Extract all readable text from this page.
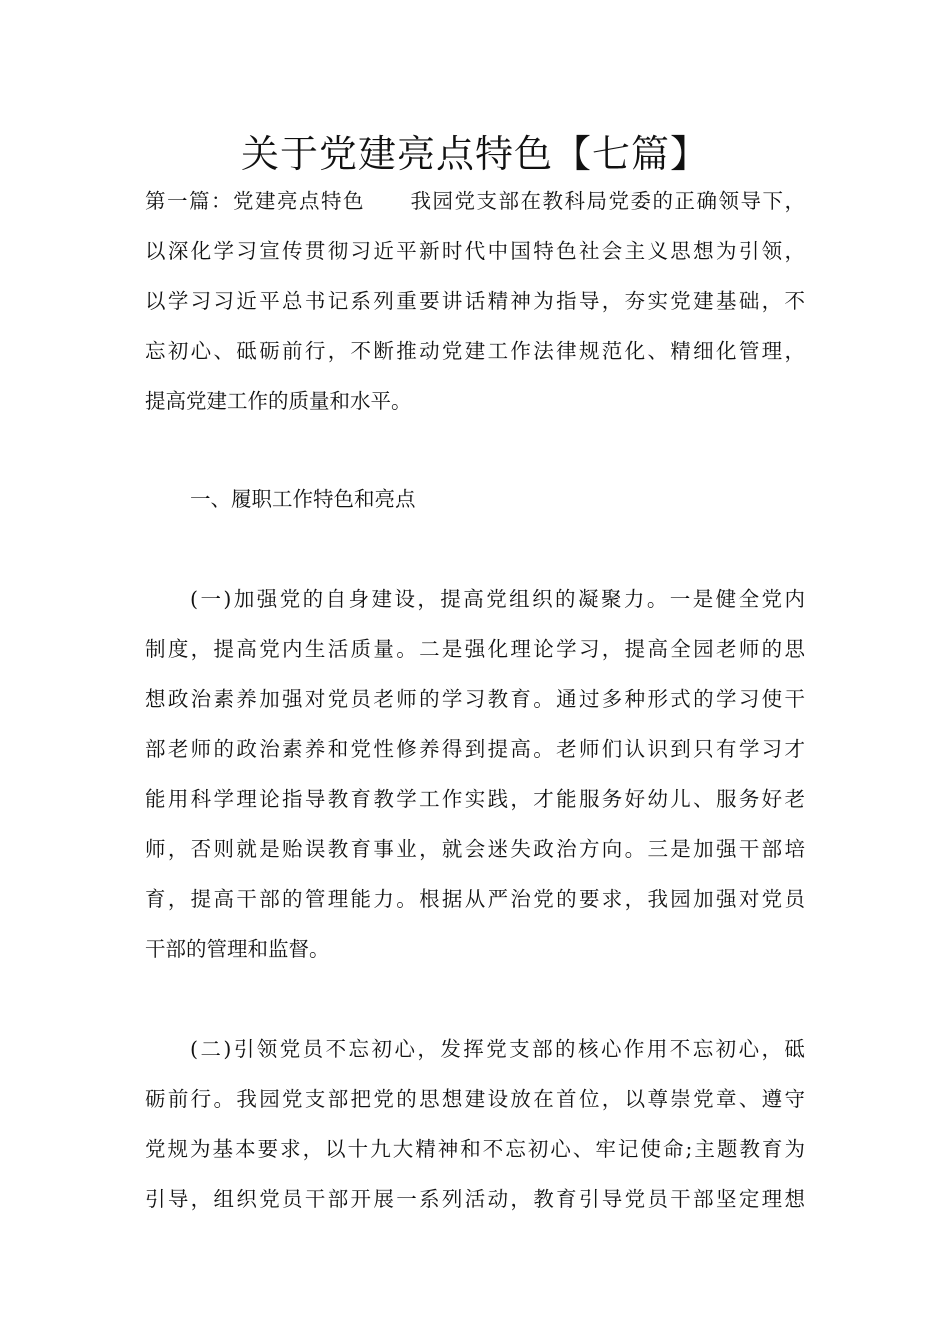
关于党建亮点特色【七篇】

第一篇：党建亮点特色 我园党支部在教科局党委的正确领导下，

以深化学习宣传贯彻习近平新时代中国特色社会主义思想为引领，

以学习习近平总书记系列重要讲话精神为指导，夯实党建基础，不

忘初心、砥砺前行，不断推动党建工作法律规范化、精细化管理，

提高党建工作的质量和水平。

一、履职工作特色和亮点

(一)加强党的自身建设，提高党组织的凝聚力。一是健全党内

制度，提高党内生活质量。二是强化理论学习，提高全园老师的思

想政治素养加强对党员老师的学习教育。通过多种形式的学习使干

部老师的政治素养和党性修养得到提高。老师们认识到只有学习才

能用科学理论指导教育教学工作实践，才能服务好幼儿、服务好老

师，否则就是贻误教育事业，就会迷失政治方向。三是加强干部培

育，提高干部的管理能力。根据从严治党的要求，我园加强对党员

干部的管理和监督。

(二)引领党员不忘初心，发挥党支部的核心作用不忘初心，砥

砺前行。我园党支部把党的思想建设放在首位，以尊崇党章、遵守

党规为基本要求，以十九大精神和不忘初心、牢记使命;主题教育为

引导，组织党员干部开展一系列活动，教育引导党员干部坚定理想
